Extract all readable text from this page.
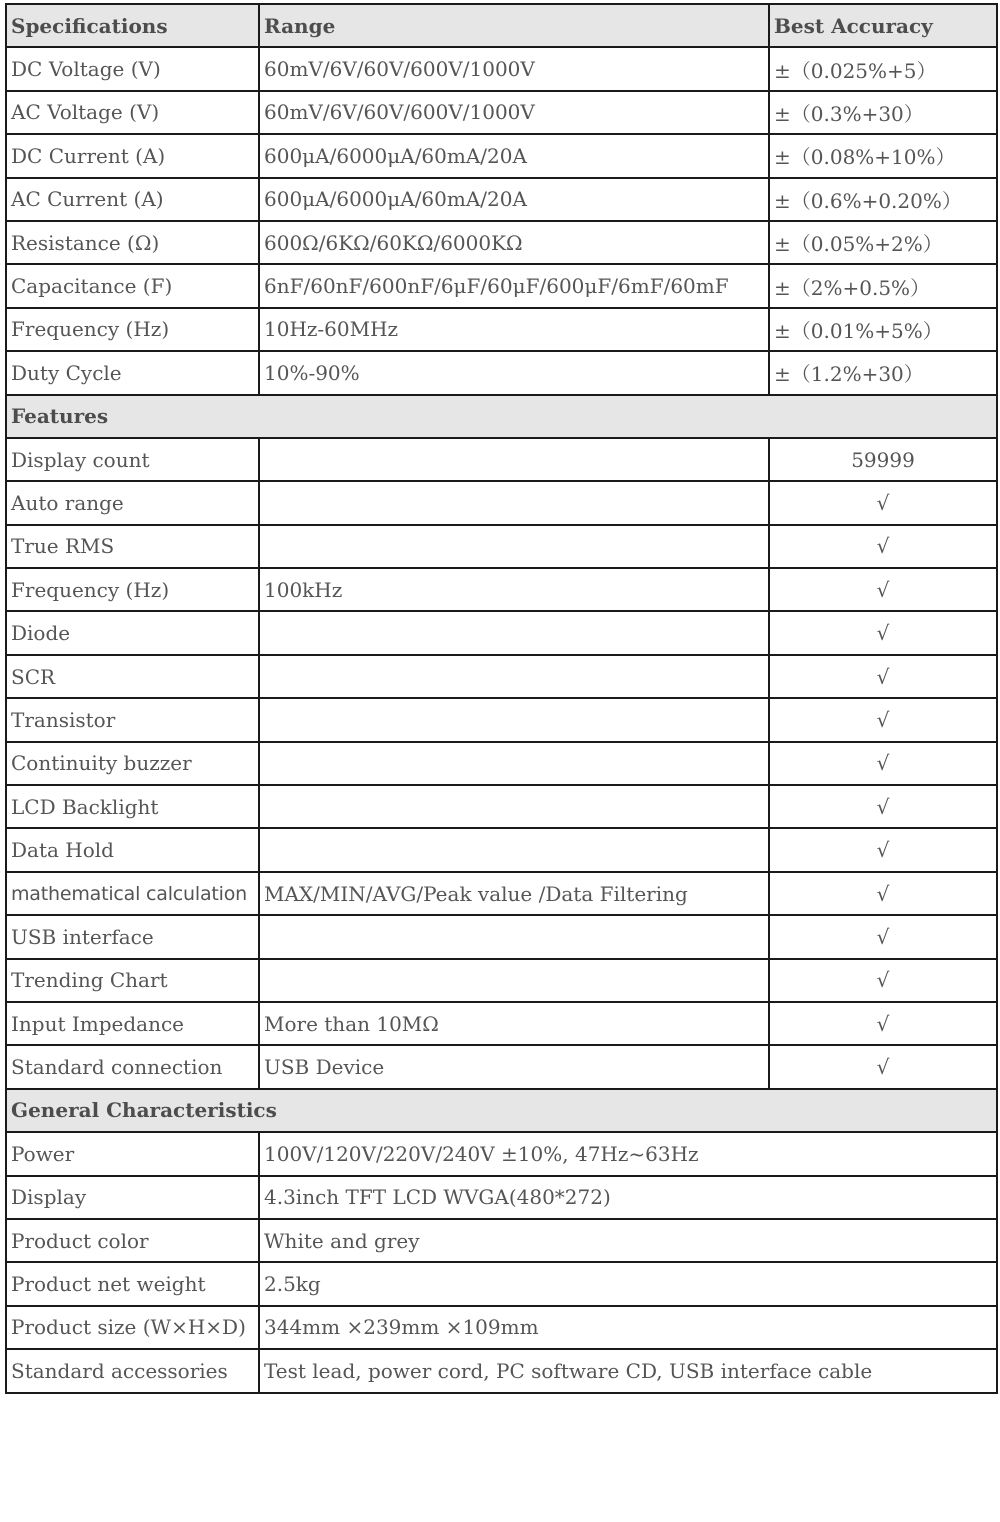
Specifications	Range	Best Accuracy
DC Voltage (V)	60mV/6V/60V/600V/1000V	±（0.025%+5）
AC Voltage (V)	60mV/6V/60V/600V/1000V	±（0.3%+30）
DC Current (A)	600μA/6000μA/60mA/20A	±（0.08%+10%）
AC Current (A)	600μA/6000μA/60mA/20A	±（0.6%+0.20%）
Resistance (Ω)	600Ω/6KΩ/60KΩ/6000KΩ	±（0.05%+2%）
Capacitance (F)	6nF/60nF/600nF/6μF/60μF/600μF/6mF/60mF	±（2%+0.5%）
Frequency (Hz)	10Hz-60MHz	±（0.01%+5%）
Duty Cycle	10%-90%	±（1.2%+30）
Features		
Display count		59999
Auto range		√
True RMS		√
Frequency (Hz)	100kHz	√
Diode		√
SCR		√
Transistor		√
Continuity buzzer		√
LCD Backlight		√
Data Hold		√
mathematical calculation	MAX/MIN/AVG/Peak value /Data Filtering	√
USB interface		√
Trending Chart		√
Input Impedance	More than 10MΩ	√
Standard connection	USB Device	√
General Characteristics		
Power	100V/120V/220V/240V ±10%, 47Hz~63Hz	
Display	4.3inch TFT LCD WVGA(480*272)	
Product color	White and grey	
Product net weight	2.5kg	
Product size (W×H×D)	344mm ×239mm ×109mm	
Standard accessories	Test lead, power cord, PC software CD, USB interface cable	
